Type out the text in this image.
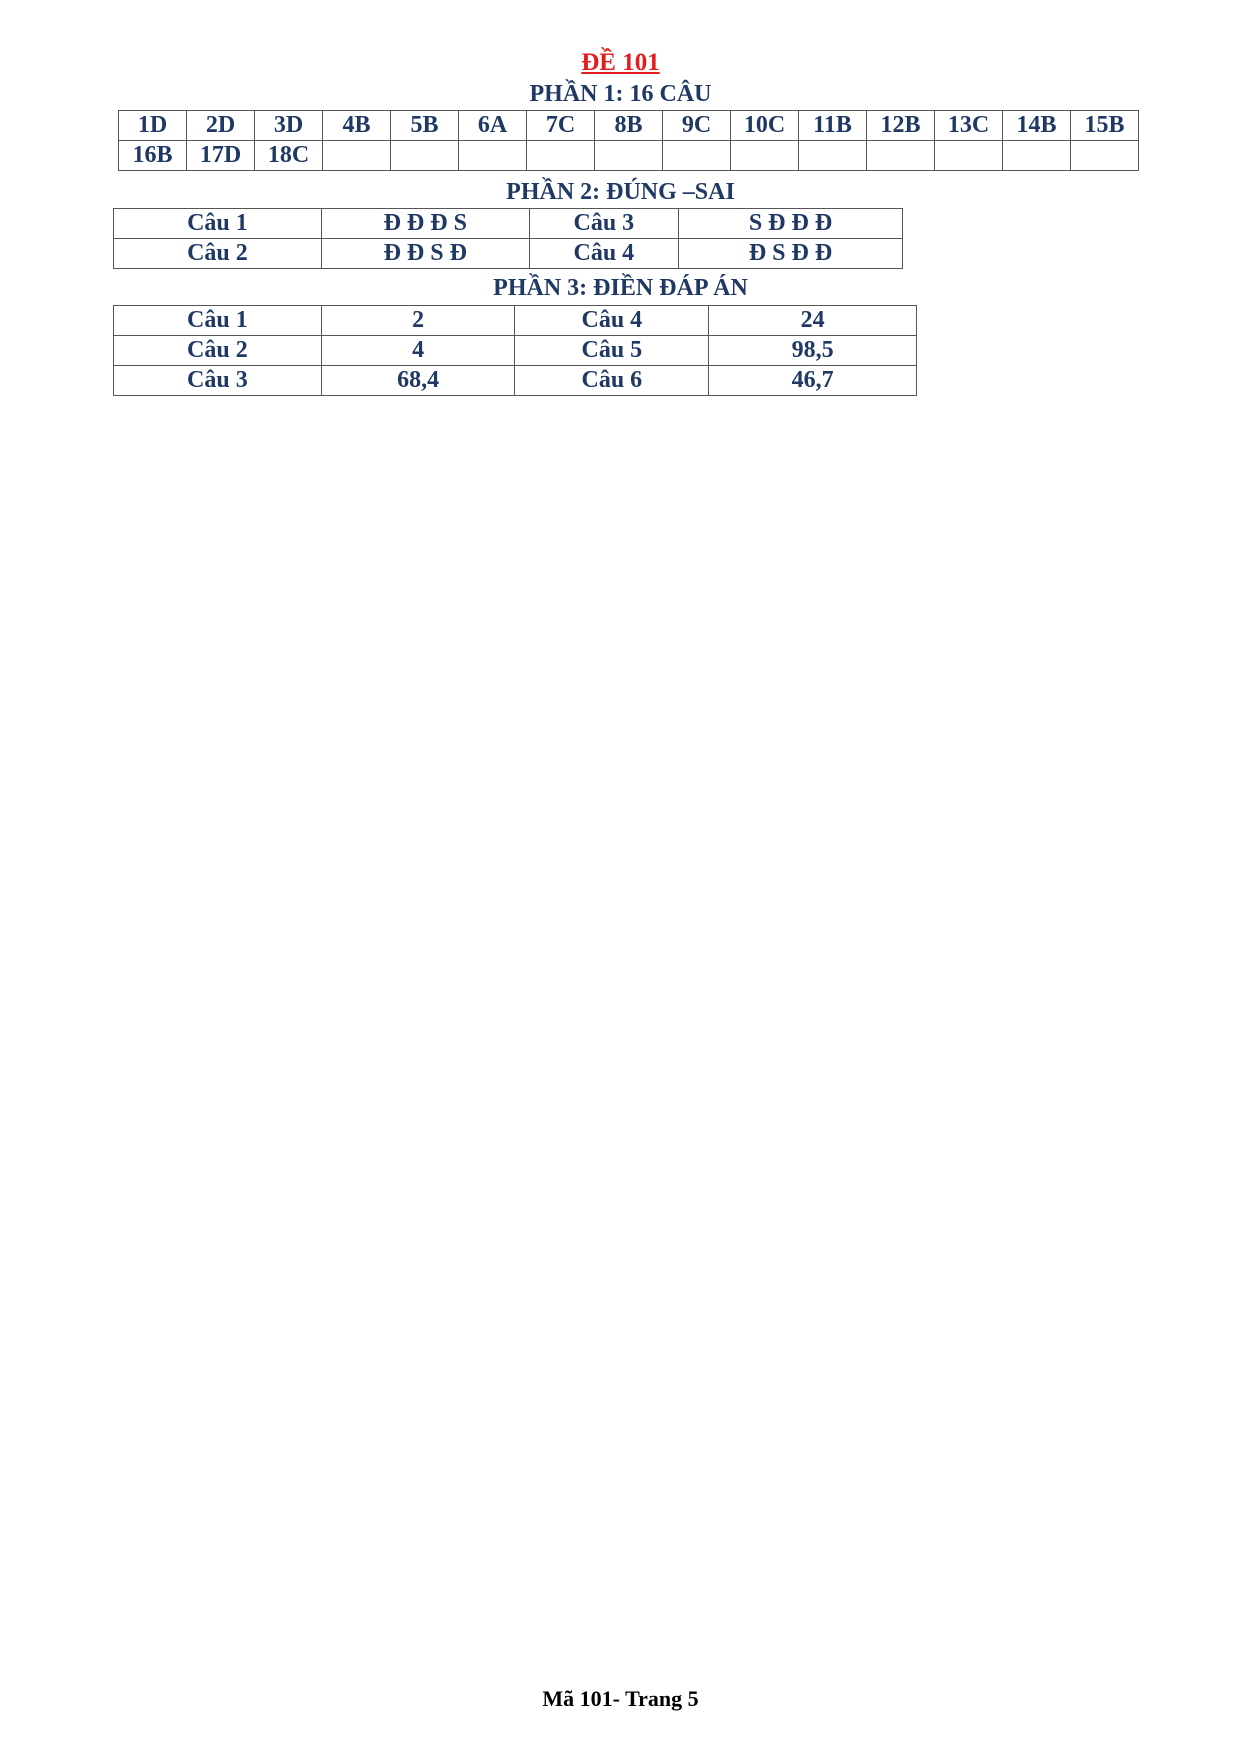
ĐỀ 101
PHẦN 1: 16 CÂU
1D	2D	3D	4B	5B	6A	7C	8B	9C	10C	11B	12B	13C	14B	15B
16B	17D	18C												
PHẦN 2: ĐÚNG –SAI
Câu 1	Đ Đ Đ S	Câu 3	S Đ Đ Đ
Câu 2	Đ Đ S Đ	Câu 4	Đ S Đ Đ
PHẦN 3: ĐIỀN ĐÁP ÁN
Câu 1	2	Câu 4	24
Câu 2	4	Câu 5	98,5
Câu 3	68,4	Câu 6	46,7
Mã 101- Trang 5
